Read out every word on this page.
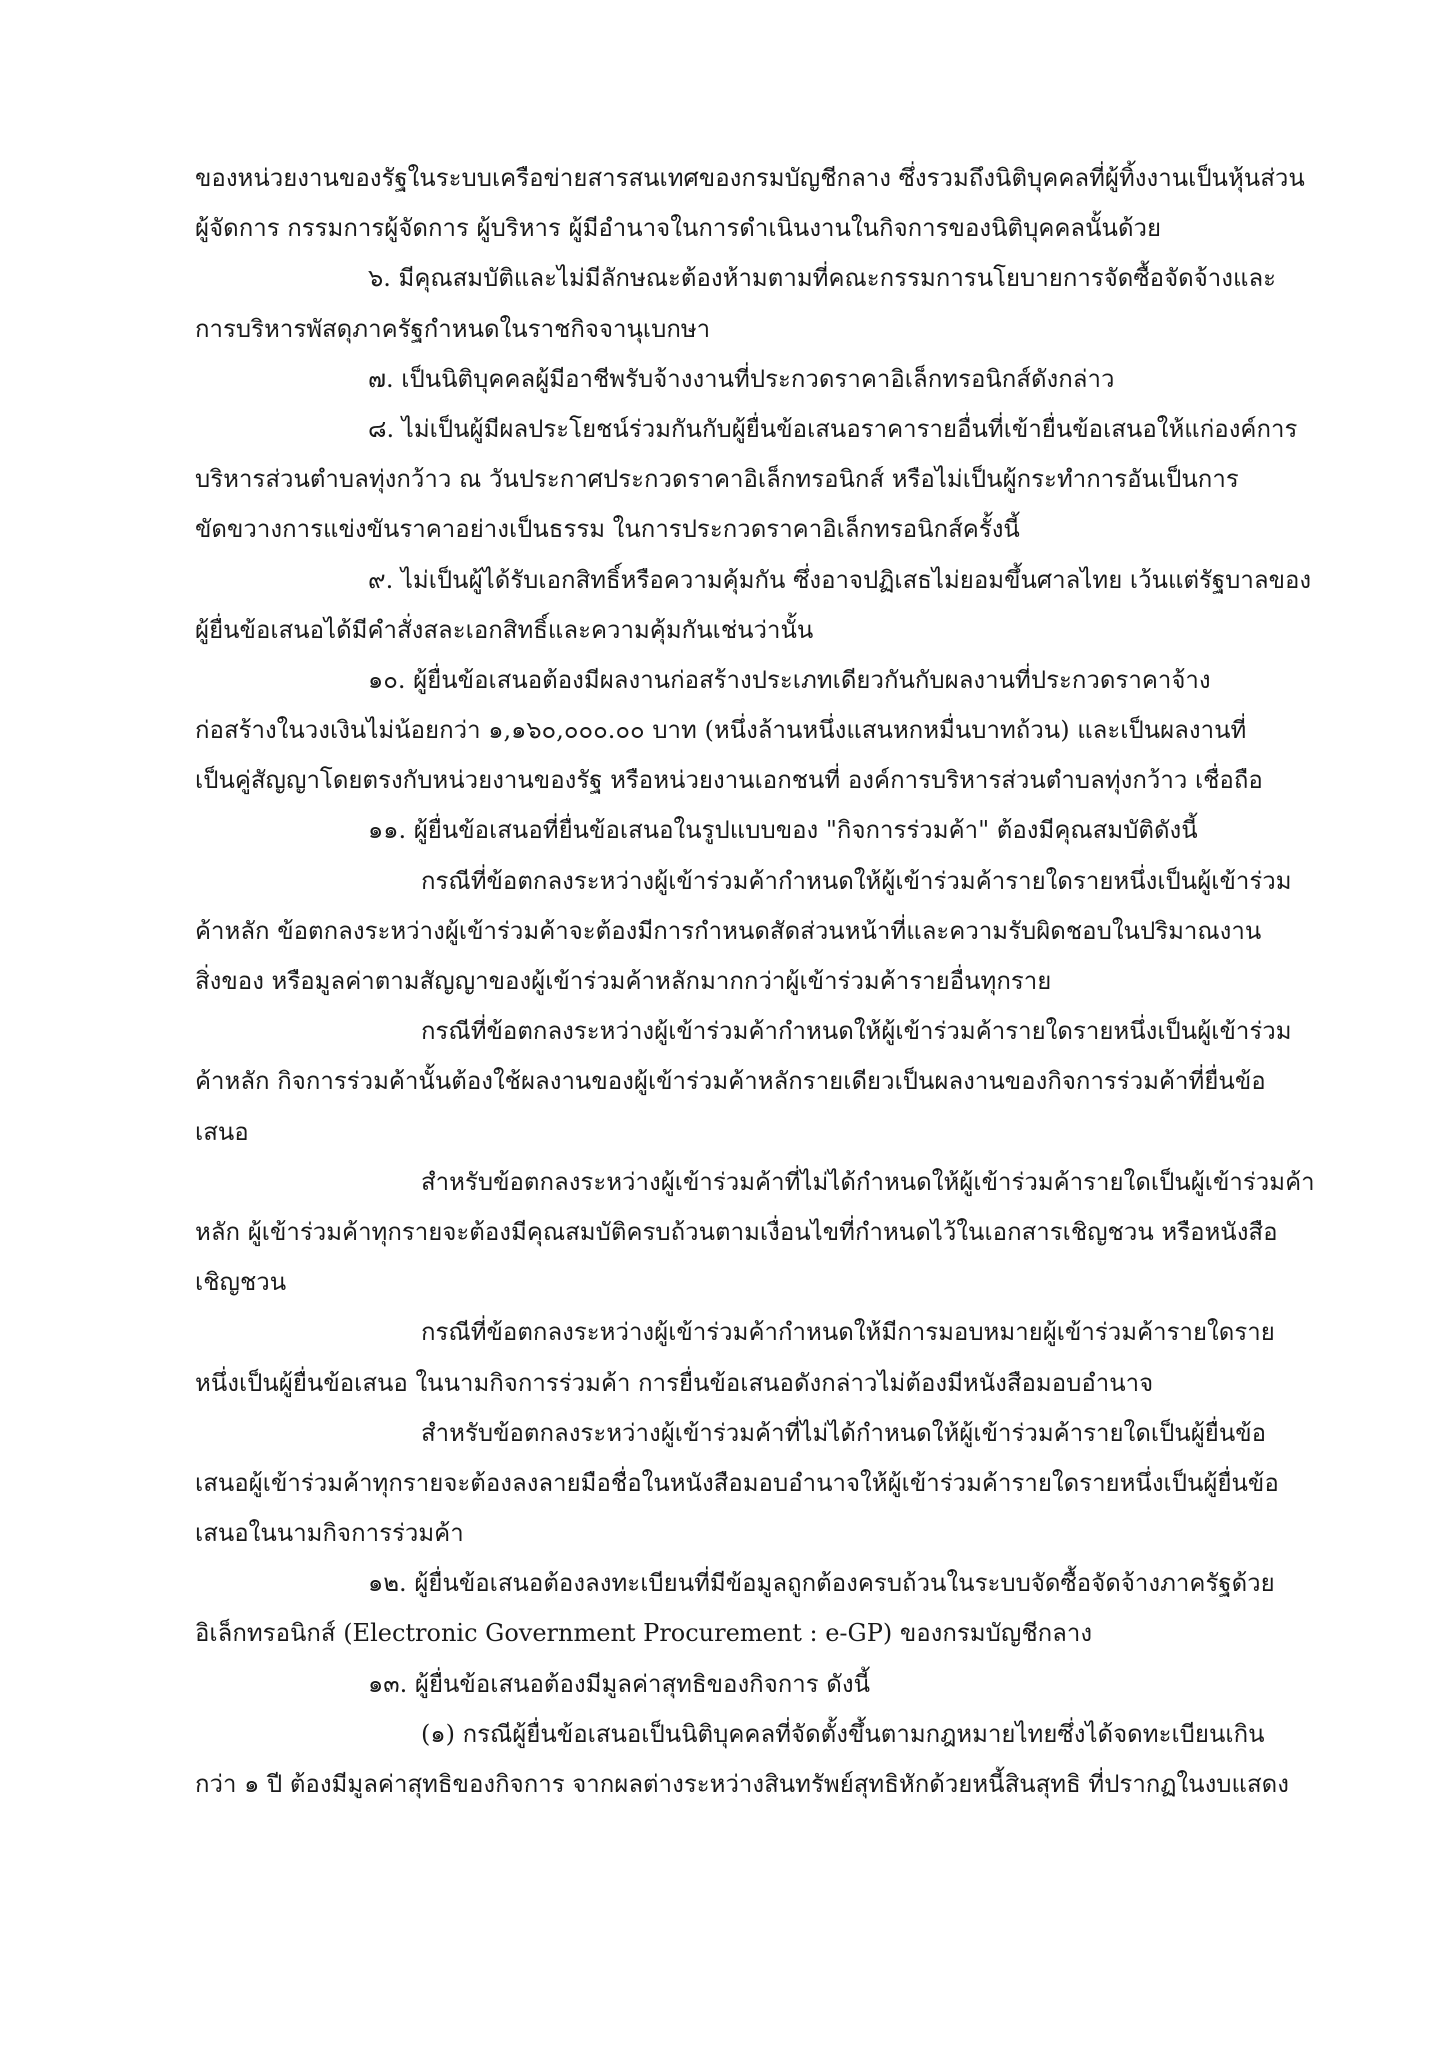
ของหน่วยงานของรัฐในระบบเครือข่ายสารสนเทศของกรมบัญชีกลาง ซึ่งรวมถึงนิติบุคคลที่ผู้ทิ้งงานเป็นหุ้นส่วน
ผู้จัดการ กรรมการผู้จัดการ ผู้บริหาร ผู้มีอำนาจในการดำเนินงานในกิจการของนิติบุคคลนั้นด้วย
๖. มีคุณสมบัติและไม่มีลักษณะต้องห้ามตามที่คณะกรรมการนโยบายการจัดซื้อจัดจ้างและ
การบริหารพัสดุภาครัฐกำหนดในราชกิจจานุเบกษา
๗. เป็นนิติบุคคลผู้มีอาชีพรับจ้างงานที่ประกวดราคาอิเล็กทรอนิกส์ดังกล่าว
๘. ไม่เป็นผู้มีผลประโยชน์ร่วมกันกับผู้ยื่นข้อเสนอราคารายอื่นที่เข้ายื่นข้อเสนอให้แก่องค์การ
บริหารส่วนตำบลทุ่งกว้าว ณ วันประกาศประกวดราคาอิเล็กทรอนิกส์ หรือไม่เป็นผู้กระทำการอันเป็นการ
ขัดขวางการแข่งขันราคาอย่างเป็นธรรม ในการประกวดราคาอิเล็กทรอนิกส์ครั้งนี้
๙. ไม่เป็นผู้ได้รับเอกสิทธิ์หรือความคุ้มกัน ซึ่งอาจปฏิเสธไม่ยอมขึ้นศาลไทย เว้นแต่รัฐบาลของ
ผู้ยื่นข้อเสนอได้มีคำสั่งสละเอกสิทธิ์และความคุ้มกันเช่นว่านั้น
๑๐. ผู้ยื่นข้อเสนอต้องมีผลงานก่อสร้างประเภทเดียวกันกับผลงานที่ประกวดราคาจ้าง
ก่อสร้างในวงเงินไม่น้อยกว่า ๑,๑๖๐,๐๐๐.๐๐ บาท (หนึ่งล้านหนึ่งแสนหกหมื่นบาทถ้วน) และเป็นผลงานที่
เป็นคู่สัญญาโดยตรงกับหน่วยงานของรัฐ หรือหน่วยงานเอกชนที่ องค์การบริหารส่วนตำบลทุ่งกว้าว เชื่อถือ
๑๑. ผู้ยื่นข้อเสนอที่ยื่นข้อเสนอในรูปแบบของ "กิจการร่วมค้า" ต้องมีคุณสมบัติดังนี้
กรณีที่ข้อตกลงระหว่างผู้เข้าร่วมค้ากำหนดให้ผู้เข้าร่วมค้ารายใดรายหนึ่งเป็นผู้เข้าร่วม
ค้าหลัก ข้อตกลงระหว่างผู้เข้าร่วมค้าจะต้องมีการกำหนดสัดส่วนหน้าที่และความรับผิดชอบในปริมาณงาน
สิ่งของ หรือมูลค่าตามสัญญาของผู้เข้าร่วมค้าหลักมากกว่าผู้เข้าร่วมค้ารายอื่นทุกราย
กรณีที่ข้อตกลงระหว่างผู้เข้าร่วมค้ากำหนดให้ผู้เข้าร่วมค้ารายใดรายหนึ่งเป็นผู้เข้าร่วม
ค้าหลัก กิจการร่วมค้านั้นต้องใช้ผลงานของผู้เข้าร่วมค้าหลักรายเดียวเป็นผลงานของกิจการร่วมค้าที่ยื่นข้อ
เสนอ
สำหรับข้อตกลงระหว่างผู้เข้าร่วมค้าที่ไม่ได้กำหนดให้ผู้เข้าร่วมค้ารายใดเป็นผู้เข้าร่วมค้า
หลัก ผู้เข้าร่วมค้าทุกรายจะต้องมีคุณสมบัติครบถ้วนตามเงื่อนไขที่กำหนดไว้ในเอกสารเชิญชวน หรือหนังสือ
เชิญชวน
กรณีที่ข้อตกลงระหว่างผู้เข้าร่วมค้ากำหนดให้มีการมอบหมายผู้เข้าร่วมค้ารายใดราย
หนึ่งเป็นผู้ยื่นข้อเสนอ ในนามกิจการร่วมค้า การยื่นข้อเสนอดังกล่าวไม่ต้องมีหนังสือมอบอำนาจ
สำหรับข้อตกลงระหว่างผู้เข้าร่วมค้าที่ไม่ได้กำหนดให้ผู้เข้าร่วมค้ารายใดเป็นผู้ยื่นข้อ
เสนอผู้เข้าร่วมค้าทุกรายจะต้องลงลายมือชื่อในหนังสือมอบอำนาจให้ผู้เข้าร่วมค้ารายใดรายหนึ่งเป็นผู้ยื่นข้อ
เสนอในนามกิจการร่วมค้า
๑๒. ผู้ยื่นข้อเสนอต้องลงทะเบียนที่มีข้อมูลถูกต้องครบถ้วนในระบบจัดซื้อจัดจ้างภาครัฐด้วย
อิเล็กทรอนิกส์ (Electronic Government Procurement : e-GP) ของกรมบัญชีกลาง
๑๓. ผู้ยื่นข้อเสนอต้องมีมูลค่าสุทธิของกิจการ ดังนี้
(๑) กรณีผู้ยื่นข้อเสนอเป็นนิติบุคคลที่จัดตั้งขึ้นตามกฎหมายไทยซึ่งได้จดทะเบียนเกิน
กว่า ๑ ปี ต้องมีมูลค่าสุทธิของกิจการ จากผลต่างระหว่างสินทรัพย์สุทธิหักด้วยหนี้สินสุทธิ ที่ปรากฏในงบแสดง
